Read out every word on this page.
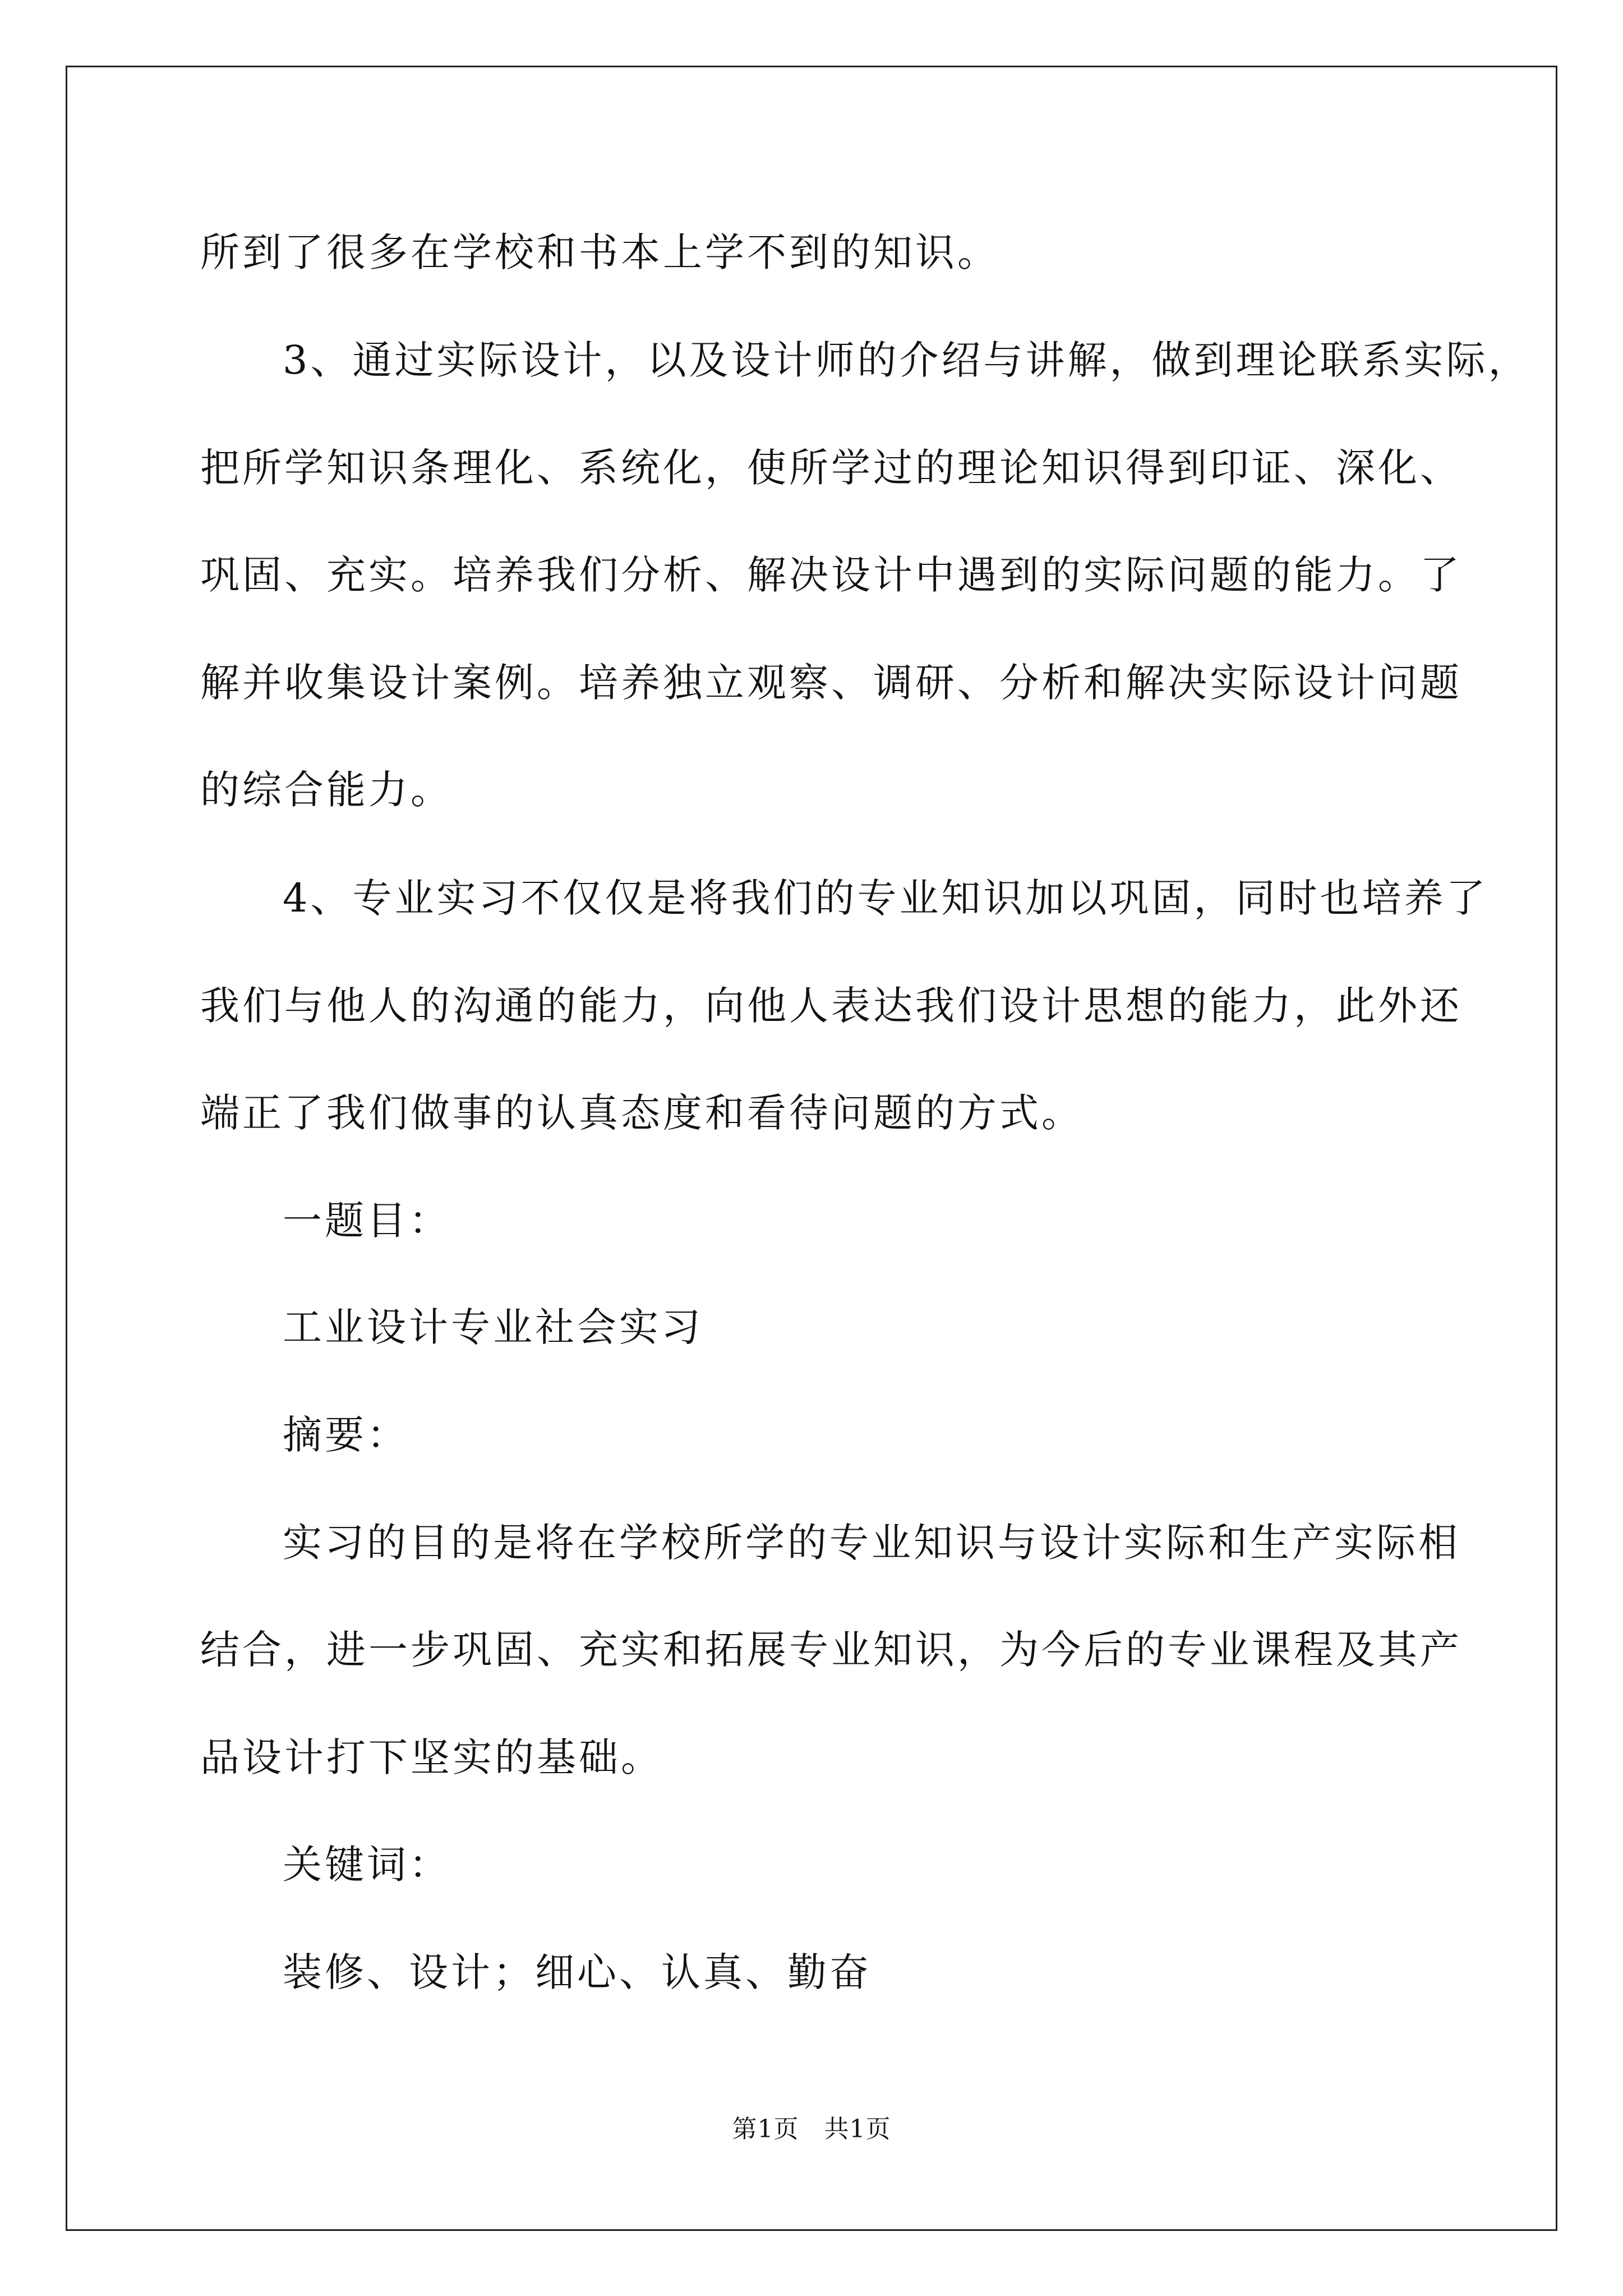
所到了很多在学校和书本上学不到的知识。
3、通过实际设计，以及设计师的介绍与讲解，做到理论联系实际，
把所学知识条理化、系统化，使所学过的理论知识得到印证、深化、
巩固、充实。培养我们分析、解决设计中遇到的实际问题的能力。了
解并收集设计案例。培养独立观察、调研、分析和解决实际设计问题
的综合能力。
4、专业实习不仅仅是将我们的专业知识加以巩固，同时也培养了
我们与他人的沟通的能力，向他人表达我们设计思想的能力，此外还
端正了我们做事的认真态度和看待问题的方式。
一题目：
工业设计专业社会实习
摘要：
实习的目的是将在学校所学的专业知识与设计实际和生产实际相
结合，进一步巩固、充实和拓展专业知识，为今后的专业课程及其产
品设计打下坚实的基础。
关键词：
装修、设计；细心、认真、勤奋
第1页   共1页
